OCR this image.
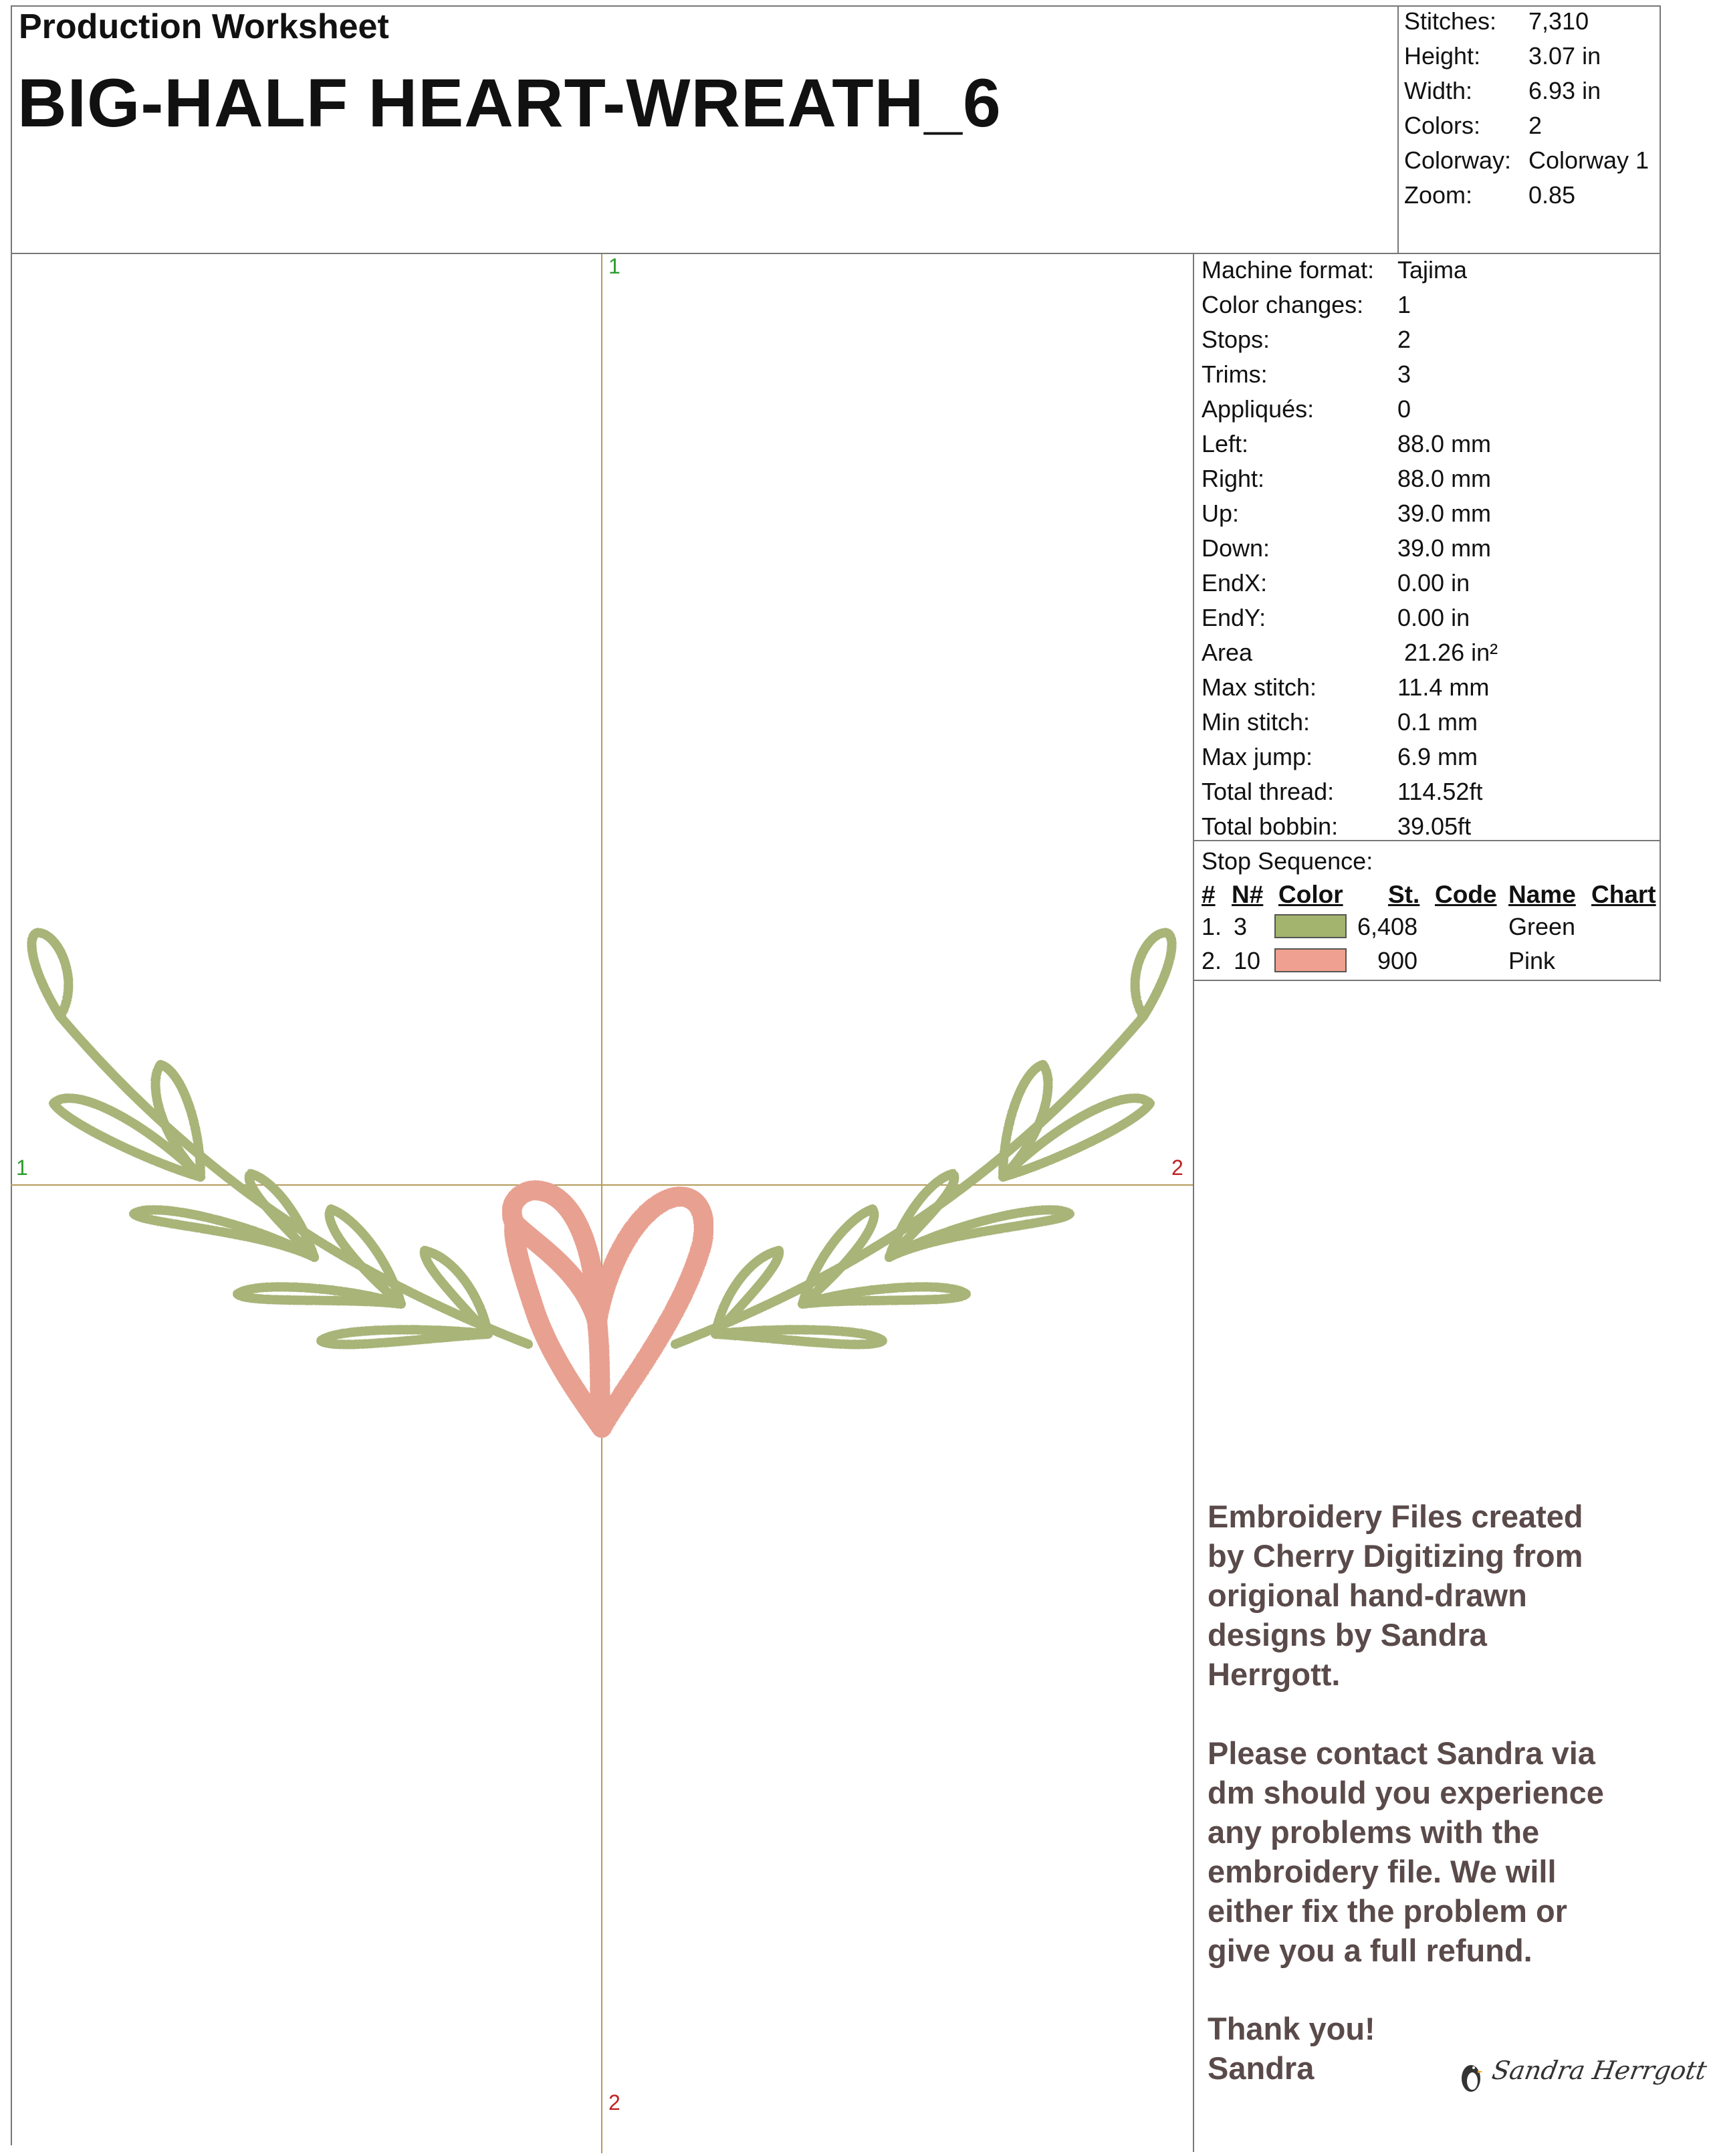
Production Worksheet
BIG-HALF HEART-WREATH_6
Stitches: 7,310
Height: 3.07 in
Width: 6.93 in
Colors: 2
Colorway: Colorway 1
Zoom: 0.85
Machine format: Tajima
Color changes: 1
Stops:	2
Trims:	3
Appliqués:	0
Left:	88.0 mm
Right:	88.0 mm
Up:	39.0 mm
Down:	39.0 mm
EndX:	0.00 in
EndY:	0.00 in
Area	21.26 in²
Max stitch:	11.4 mm
Min stitch:	0.1 mm
Max jump:	6.9 mm
Total thread:	114.52ft
Total bobbin: 39.05ft
Stop Sequence:
# N# Color St. Code Name Chart
1. 3	6,408	Green
2. 10	900	Pink
1
2
1	2
Embroidery Files created
by Cherry Digitizing from
origional hand-drawn
designs by Sandra
Herrgott.
Please contact Sandra via
dm should you experience
any problems with the
embroidery file. We will
either fix the problem or
give you a full refund.
Thank you!
Sandra	Sandra Herrgott
